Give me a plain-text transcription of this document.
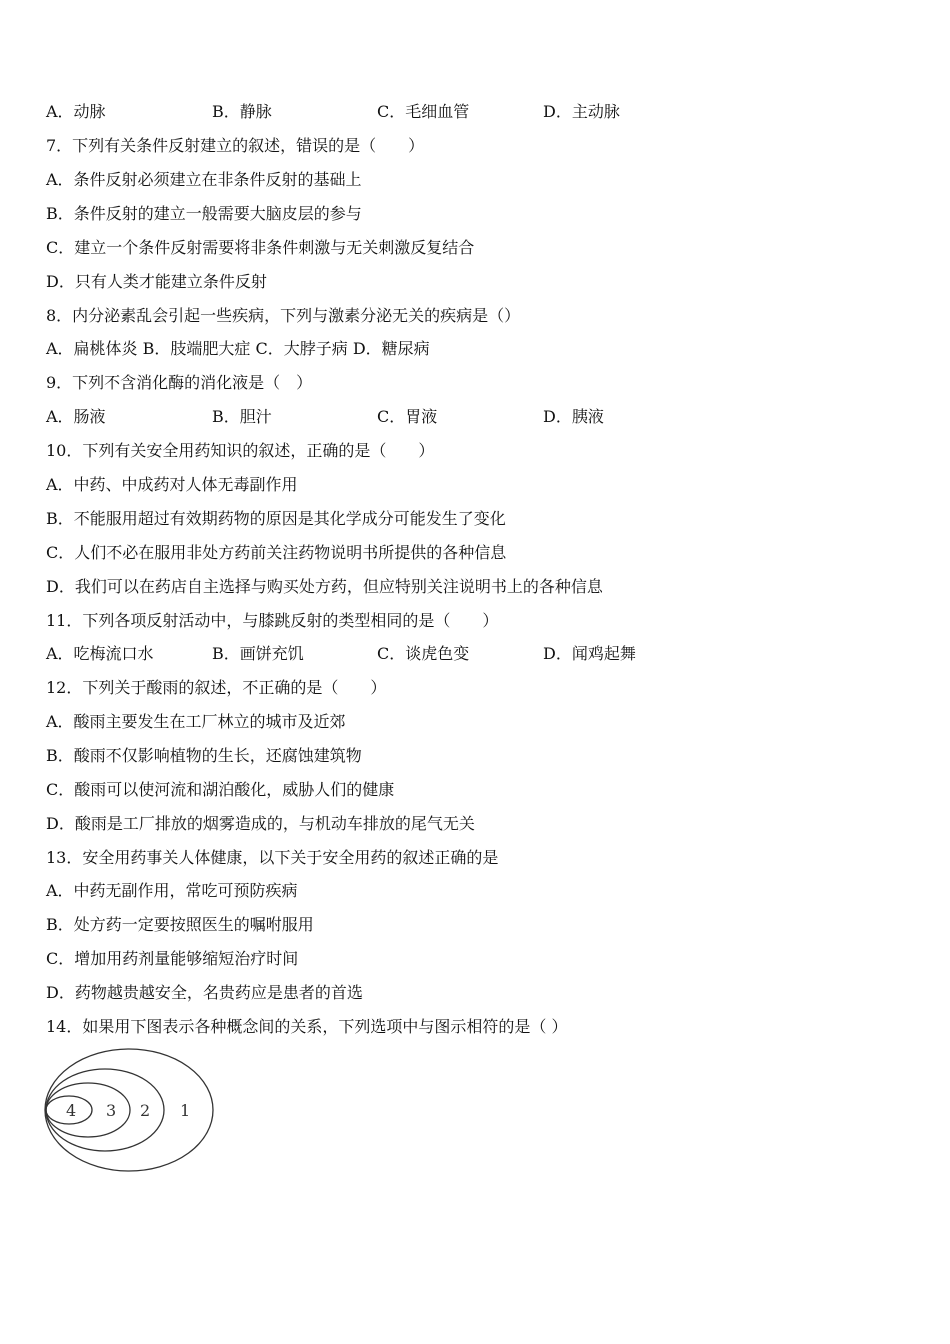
A．动脉	B．静脉	C．毛细血管	D．主动脉
7．下列有关条件反射建立的叙述，错误的是（　　）
A．条件反射必须建立在非条件反射的基础上
B．条件反射的建立一般需要大脑皮层的参与
C．建立一个条件反射需要将非条件刺激与无关刺激反复结合
D．只有人类才能建立条件反射
8．内分泌素乱会引起一些疾病，下列与激素分泌无关的疾病是（）
A．扁桃体炎 B．肢端肥大症 C．大脖子病 D．糖尿病
9．下列不含消化酶的消化液是（　）
A．肠液	B．胆汁	C．胃液	D．胰液
10．下列有关安全用药知识的叙述，正确的是（　　）
A．中药、中成药对人体无毒副作用
B．不能服用超过有效期药物的原因是其化学成分可能发生了变化
C．人们不必在服用非处方药前关注药物说明书所提供的各种信息
D．我们可以在药店自主选择与购买处方药，但应特别关注说明书上的各种信息
11．下列各项反射活动中，与膝跳反射的类型相同的是（　　）
A．吃梅流口水	B．画饼充饥	C．谈虎色变	D．闻鸡起舞
12．下列关于酸雨的叙述，不正确的是（　　）
A．酸雨主要发生在工厂林立的城市及近郊
B．酸雨不仅影响植物的生长，还腐蚀建筑物
C．酸雨可以使河流和湖泊酸化，威胁人们的健康
D．酸雨是工厂排放的烟雾造成的，与机动车排放的尾气无关
13．安全用药事关人体健康，以下关于安全用药的叙述正确的是
A．中药无副作用，常吃可预防疾病
B．处方药一定要按照医生的嘱咐服用
C．增加用药剂量能够缩短治疗时间
D．药物越贵越安全，名贵药应是患者的首选
14．如果用下图表示各种概念间的关系，下列选项中与图示相符的是（ ）
1
2
3
4
